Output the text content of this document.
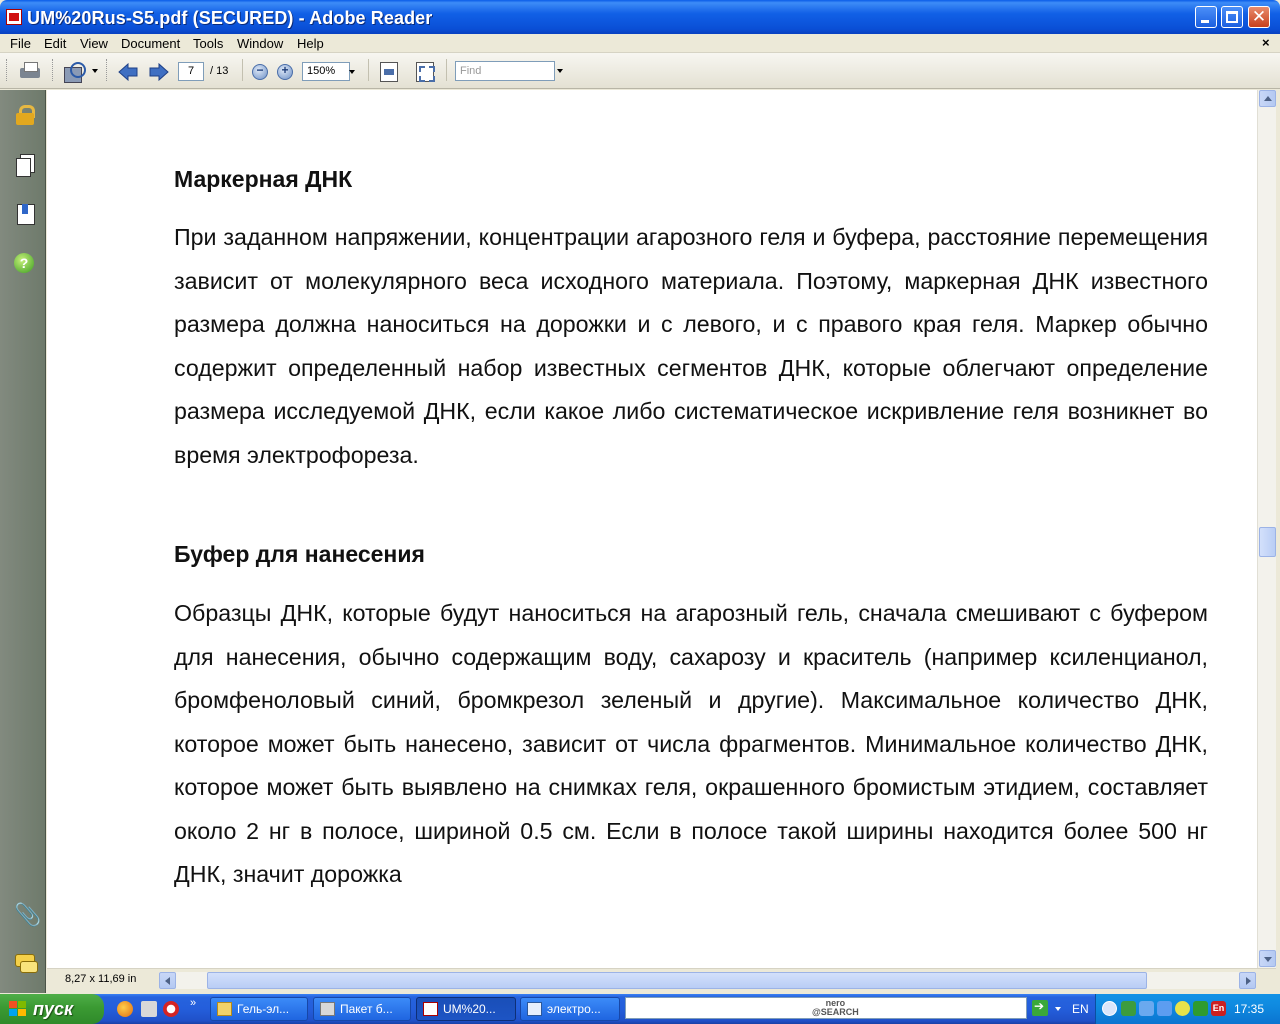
UM%20Rus-S5.pdf (SECURED) - Adobe Reader	✕
File Edit View Document Tools Window Help	×
7	/ 13 − +	150%	Find
?
📎
Маркерная ДНК
При заданном напряжении, концентрации агарозного геля и буфера, расстояние перемещения зависит от молекулярного веса исходного материала. Поэтому, маркерная ДНК известного размера должна наноситься на дорожки и с левого, и с правого края геля. Маркер обычно содержит определенный набор известных сегментов ДНК, которые облегчают определение размера исследуемой ДНК, если какое либо систематическое искривление геля возникнет во время электрофореза.
Буфер для нанесения
Образцы ДНК, которые будут наноситься на агарозный гель, сначала смешивают с буфером для нанесения, обычно содержащим воду, сахарозу и краситель (например ксиленцианол, бромфеноловый синий, бромкрезол зеленый и другие). Максимальное количество ДНК, которое может быть нанесено, зависит от числа фрагментов. Минимальное количество ДНК, которое может быть выявлено на снимках геля, окрашенного бромистым этидием, составляет около 2 нг в полосе, шириной 0.5 см. Если в полосе такой ширины находится более 500 нг ДНК, значит дорожка
8,27 x 11,69 in
пуск	»	Гель-эл...	Пакет б...	UM%20...	электро...	nero
@SEARCH
➔	EN	En 17:35
